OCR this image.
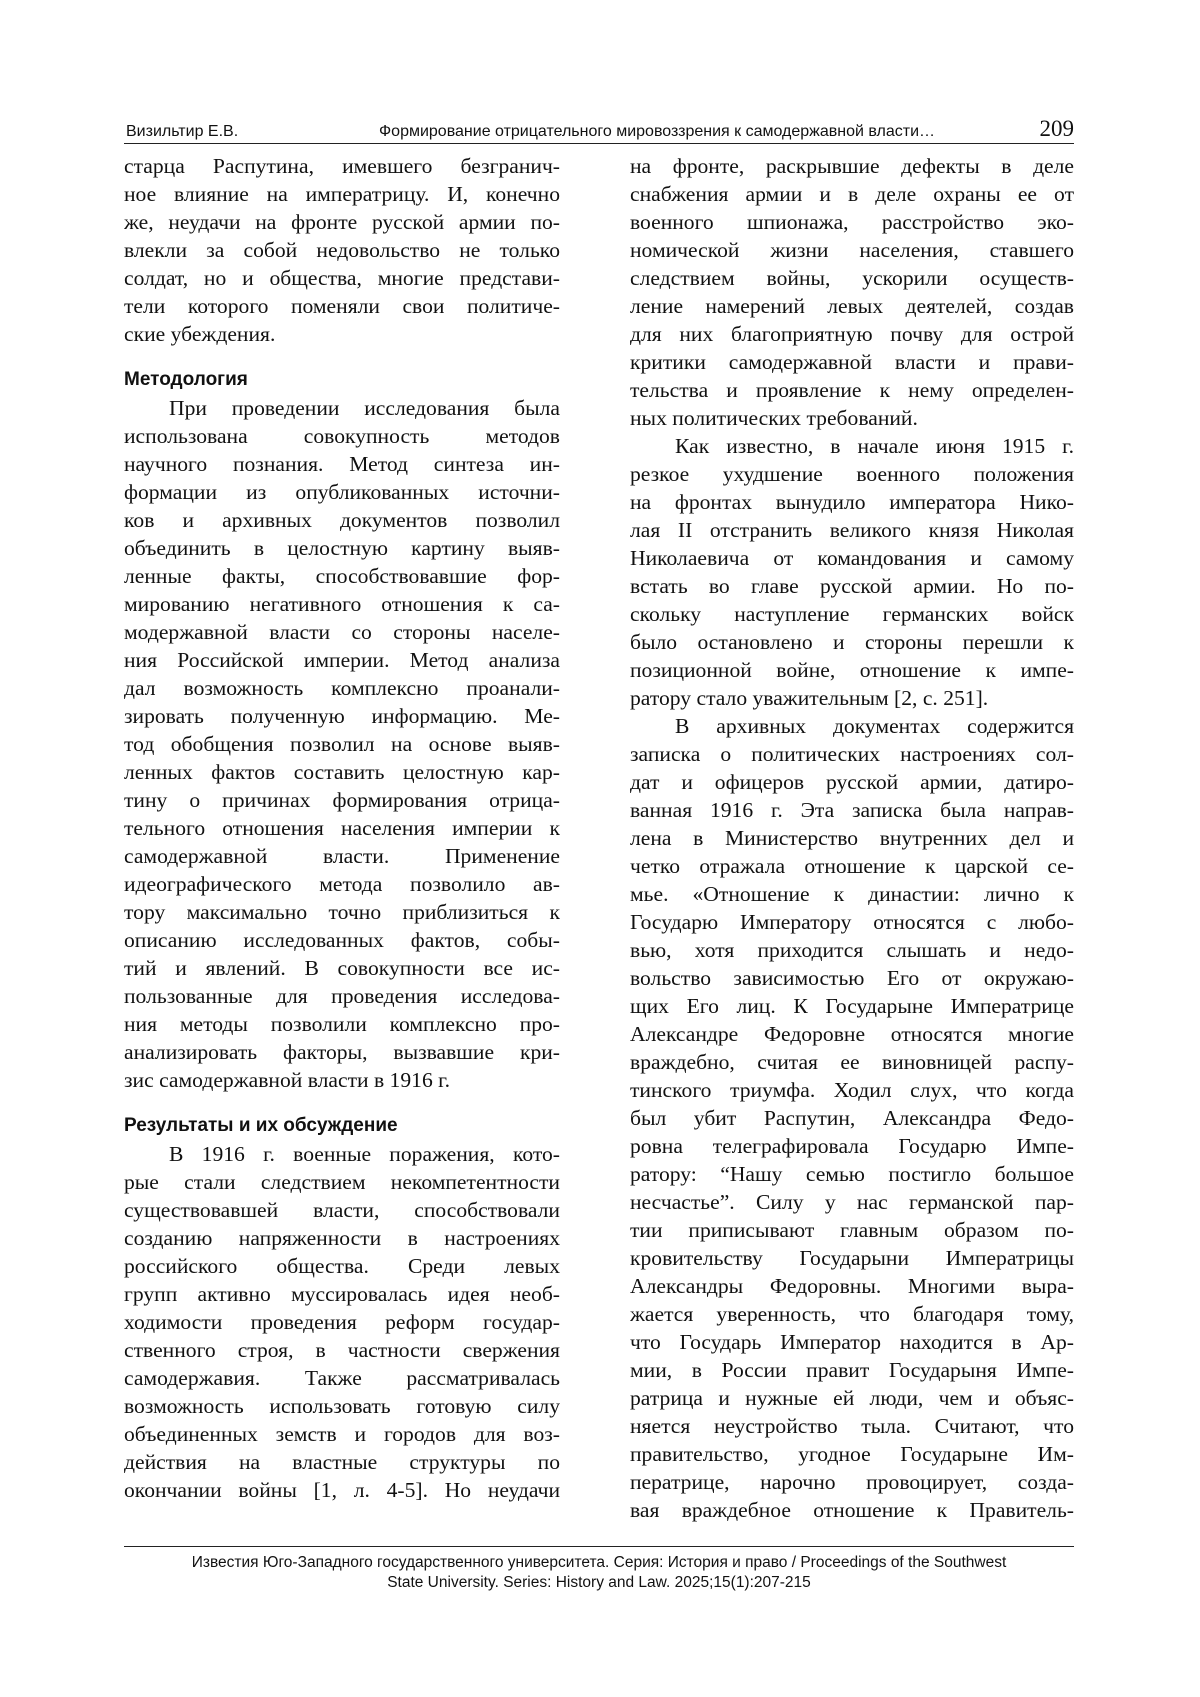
Визильтир Е.В.	Формирование отрицательного мировоззрения к самодержавной власти…	209
старца Распутина, имевшего безгранич-
ное влияние на императрицу. И, конечно
же, неудачи на фронте русской армии по-
влекли за собой недовольство не только
солдат, но и общества, многие представи-
тели которого поменяли свои политиче-
ские убеждения.
Методология
При проведении исследования была
использована совокупность методов
научного познания. Метод синтеза ин-
формации из опубликованных источни-
ков и архивных документов позволил
объединить в целостную картину выяв-
ленные факты, способствовавшие фор-
мированию негативного отношения к са-
модержавной власти со стороны населе-
ния Российской империи. Метод анализа
дал возможность комплексно проанали-
зировать полученную информацию. Ме-
тод обобщения позволил на основе выяв-
ленных фактов составить целостную кар-
тину о причинах формирования отрица-
тельного отношения населения империи к
самодержавной власти. Применение
идеографического метода позволило ав-
тору максимально точно приблизиться к
описанию исследованных фактов, собы-
тий и явлений. В совокупности все ис-
пользованные для проведения исследова-
ния методы позволили комплексно про-
анализировать факторы, вызвавшие кри-
зис самодержавной власти в 1916 г.
Результаты и их обсуждение
В 1916 г. военные поражения, кото-
рые стали следствием некомпетентности
существовавшей власти, способствовали
созданию напряженности в настроениях
российского общества. Среди левых
групп активно муссировалась идея необ-
ходимости проведения реформ государ-
ственного строя, в частности свержения
самодержавия. Также рассматривалась
возможность использовать готовую силу
объединенных земств и городов для воз-
действия на властные структуры по
окончании войны [1, л. 4-5]. Но неудачи
на фронте, раскрывшие дефекты в деле
снабжения армии и в деле охраны ее от
военного шпионажа, расстройство эко-
номической жизни населения, ставшего
следствием войны, ускорили осуществ-
ление намерений левых деятелей, создав
для них благоприятную почву для острой
критики самодержавной власти и прави-
тельства и проявление к нему определен-
ных политических требований.
Как известно, в начале июня 1915 г.
резкое ухудшение военного положения
на фронтах вынудило императора Нико-
лая II отстранить великого князя Николая
Николаевича от командования и самому
встать во главе русской армии. Но по-
скольку наступление германских войск
было остановлено и стороны перешли к
позиционной войне, отношение к импе-
ратору стало уважительным [2, с. 251].
В архивных документах содержится
записка о политических настроениях сол-
дат и офицеров русской армии, датиро-
ванная 1916 г. Эта записка была направ-
лена в Министерство внутренних дел и
четко отражала отношение к царской се-
мье. «Отношение к династии: лично к
Государю Императору относятся с любо-
вью, хотя приходится слышать и недо-
вольство зависимостью Его от окружаю-
щих Его лиц. К Государыне Императрице
Александре Федоровне относятся многие
враждебно, считая ее виновницей распу-
тинского триумфа. Ходил слух, что когда
был убит Распутин, Александра Федо-
ровна телеграфировала Государю Импе-
ратору: “Нашу семью постигло большое
несчастье”. Силу у нас германской пар-
тии приписывают главным образом по-
кровительству Государыни Императрицы
Александры Федоровны. Многими выра-
жается уверенность, что благодаря тому,
что Государь Император находится в Ар-
мии, в России правит Государыня Импе-
ратрица и нужные ей люди, чем и объяс-
няется неустройство тыла. Считают, что
правительство, угодное Государыне Им-
ператрице, нарочно провоцирует, созда-
вая враждебное отношение к Правитель-
Известия Юго-Западного государственного университета. Серия: История и право / Proceedings of the Southwest
State University. Series: History and Law. 2025;15(1):207-215
